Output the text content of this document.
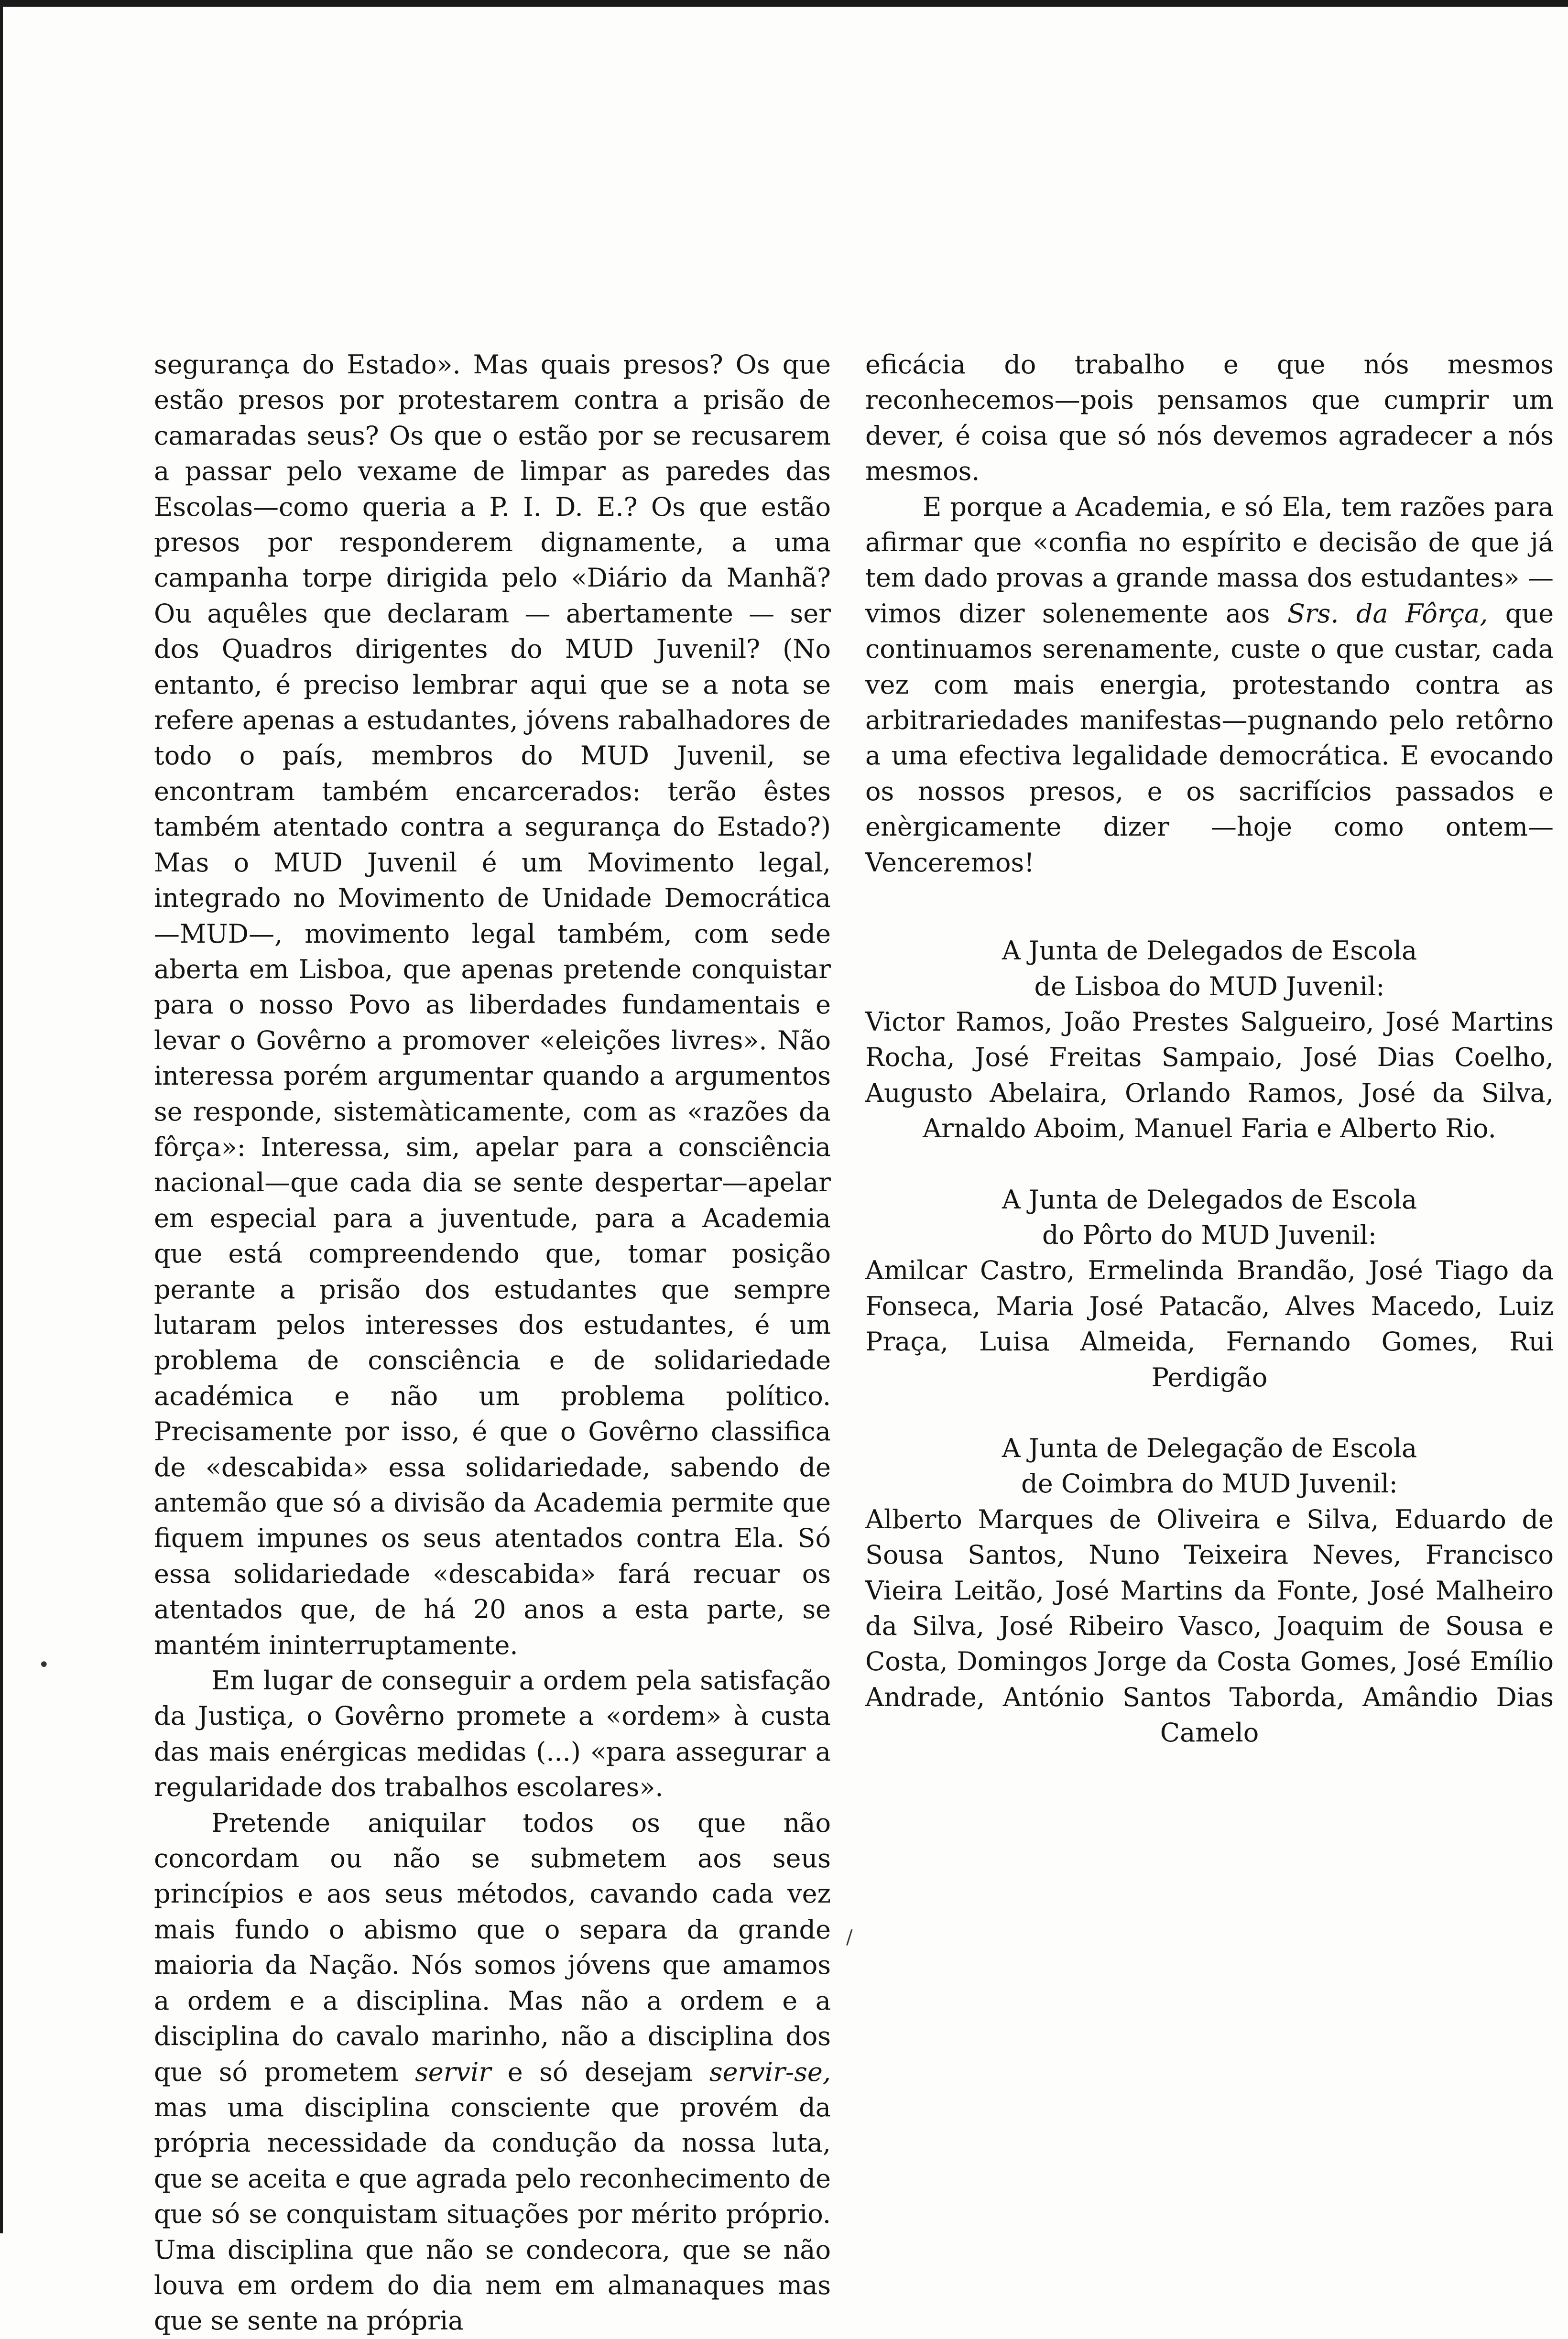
segurança do Estado». Mas quais presos? Os que estão presos por protestarem contra a prisão de camaradas seus? Os que o estão por se recusarem a passar pelo vexame de limpar as paredes das Escolas—como queria a P. I. D. E.? Os que estão presos por responderem dignamente, a uma campanha torpe dirigida pelo «Diário da Manhã? Ou aquêles que declaram — abertamente — ser dos Quadros dirigentes do MUD Juvenil? (No entanto, é preciso lembrar aqui que se a nota se refere apenas a estudantes, jóvens rabalhadores de todo o país, membros do MUD Juvenil, se encontram também encarcerados: terão êstes também atentado contra a segurança do Estado?) Mas o MUD Juvenil é um Movimento legal, integrado no Movimento de Unidade Democrática—MUD—, movimento legal também, com sede aberta em Lisboa, que apenas pretende conquistar para o nosso Povo as liberdades fundamentais e levar o Govêrno a promover «eleições livres». Não interessa porém argumentar quando a argumentos se responde, sistemàticamente, com as «razões da fôrça»: Interessa, sim, apelar para a consciência nacional—que cada dia se sente despertar—apelar em especial para a juventude, para a Academia que está compreendendo que, tomar posição perante a prisão dos estudantes que sempre lutaram pelos interesses dos estudantes, é um problema de consciência e de solidariedade académica e não um problema político. Precisamente por isso, é que o Govêrno classifica de «descabida» essa solidariedade, sabendo de antemão que só a divisão da Academia permite que fiquem impunes os seus atentados contra Ela. Só essa solidariedade «descabida» fará recuar os atentados que, de há 20 anos a esta parte, se mantém ininterruptamente.

Em lugar de conseguir a ordem pela satisfação da Justiça, o Govêrno promete a «ordem» à custa das mais enérgicas medidas (...) «para assegurar a regularidade dos trabalhos escolares».

Pretende aniquilar todos os que não concordam ou não se submetem aos seus princípios e aos seus métodos, cavando cada vez mais fundo o abismo que o separa da grande maioria da Nação. Nós somos jóvens que amamos a ordem e a disciplina. Mas não a ordem e a disciplina do cavalo marinho, não a disciplina dos que só prometem servir e só desejam servir-se, mas uma disciplina consciente que provém da própria necessidade da condução da nossa luta, que se aceita e que agrada pelo reconhecimento de que só se conquistam situações por mérito próprio. Uma disciplina que não se condecora, que se não louva em ordem do dia nem em almanaques mas que se sente na própria

eficácia do trabalho e que nós mesmos reconhecemos—pois pensamos que cumprir um dever, é coisa que só nós devemos agradecer a nós mesmos.

E porque a Academia, e só Ela, tem razões para afirmar que «confia no espírito e decisão de que já tem dado provas a grande massa dos estudantes» —vimos dizer solenemente aos Srs. da Fôrça, que continuamos serenamente, custe o que custar, cada vez com mais energia, protestando contra as arbitrariedades manifestas—pugnando pelo retôrno a uma efectiva legalidade democrática. E evocando os nossos presos, e os sacrifícios passados e enèrgicamente dizer —hoje como ontem—Venceremos!

A Junta de Delegados de Escola
de Lisboa do MUD Juvenil:

Victor Ramos, João Prestes Salgueiro, José Martins Rocha, José Freitas Sampaio, José Dias Coelho, Augusto Abelaira, Orlando Ramos, José da Silva, Arnaldo Aboim, Manuel Faria e Alberto Rio.

A Junta de Delegados de Escola
do Pôrto do MUD Juvenil:

Amilcar Castro, Ermelinda Brandão, José Tiago da Fonseca, Maria José Patacão, Alves Macedo, Luiz Praça, Luisa Almeida, Fernando Gomes, Rui Perdigão

A Junta de Delegação de Escola
de Coimbra do MUD Juvenil:

Alberto Marques de Oliveira e Silva, Eduardo de Sousa Santos, Nuno Teixeira Neves, Francisco Vieira Leitão, José Martins da Fonte, José Malheiro da Silva, José Ribeiro Vasco, Joaquim de Sousa e Costa, Domingos Jorge da Costa Gomes, José Emílio Andrade, António Santos Taborda, Amândio Dias Camelo

•
/
